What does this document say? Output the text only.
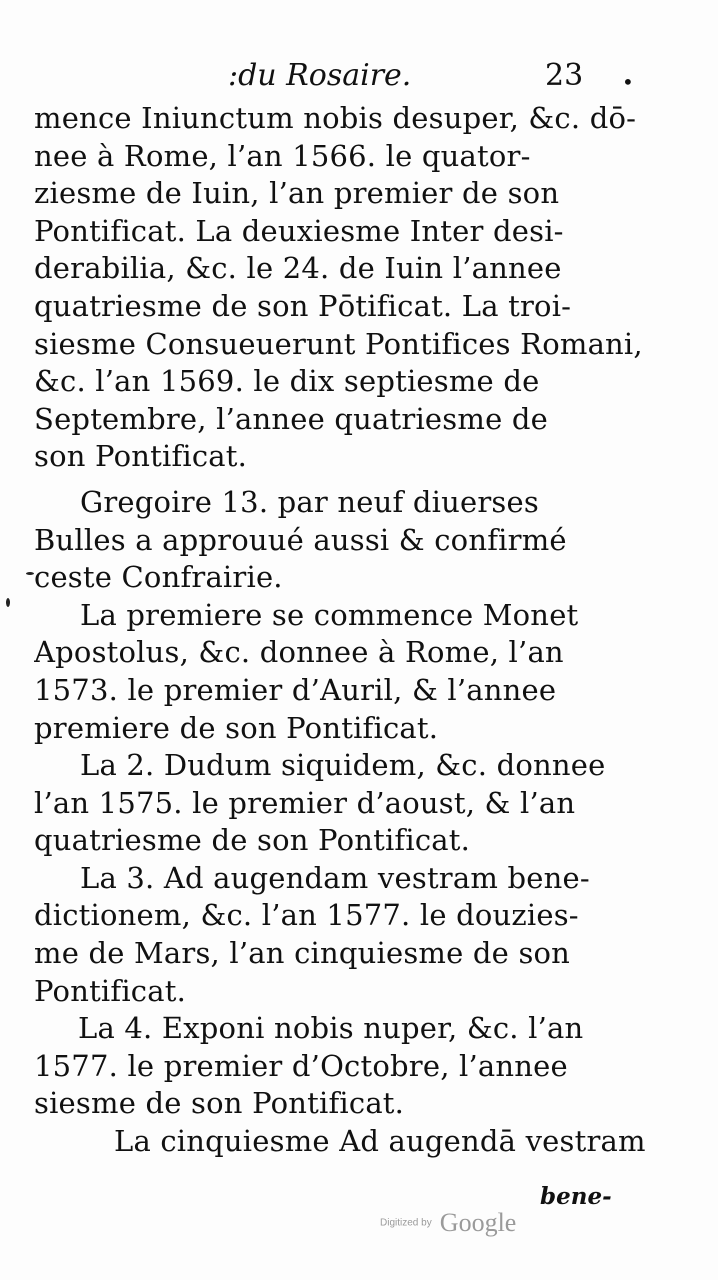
:du Rosaire.	23 •
mence Iniunctum nobis desuper, &c. dō-
nee à Rome, l’an 1566. le quator-
ziesme de Iuin, l’an premier de son
Pontificat. La deuxiesme Inter desi-
derabilia, &c. le 24. de Iuin l’annee
quatriesme de son Pōtificat. La troi-
siesme Consueuerunt Pontifices Romani,
&c. l’an 1569. le dix septiesme de
Septembre, l’annee quatriesme de
son Pontificat.
Gregoire 13. par neuf diuerses
Bulles a approuué aussi & confirmé
ceste Confrairie.
La premiere se commence Monet
Apostolus, &c. donnee à Rome, l’an
1573. le premier d’Auril, & l’annee
premiere de son Pontificat.
La 2. Dudum siquidem, &c. donnee
l’an 1575. le premier d’aoust, & l’an
quatriesme de son Pontificat.
La 3. Ad augendam vestram bene-
dictionem, &c. l’an 1577. le douzies-
me de Mars, l’an cinquiesme de son
Pontificat.
La 4. Exponi nobis nuper, &c. l’an
1577. le premier d’Octobre, l’annee
siesme de son Pontificat.
La cinquiesme Ad augendā vestram
bene-
Digitized by Google
